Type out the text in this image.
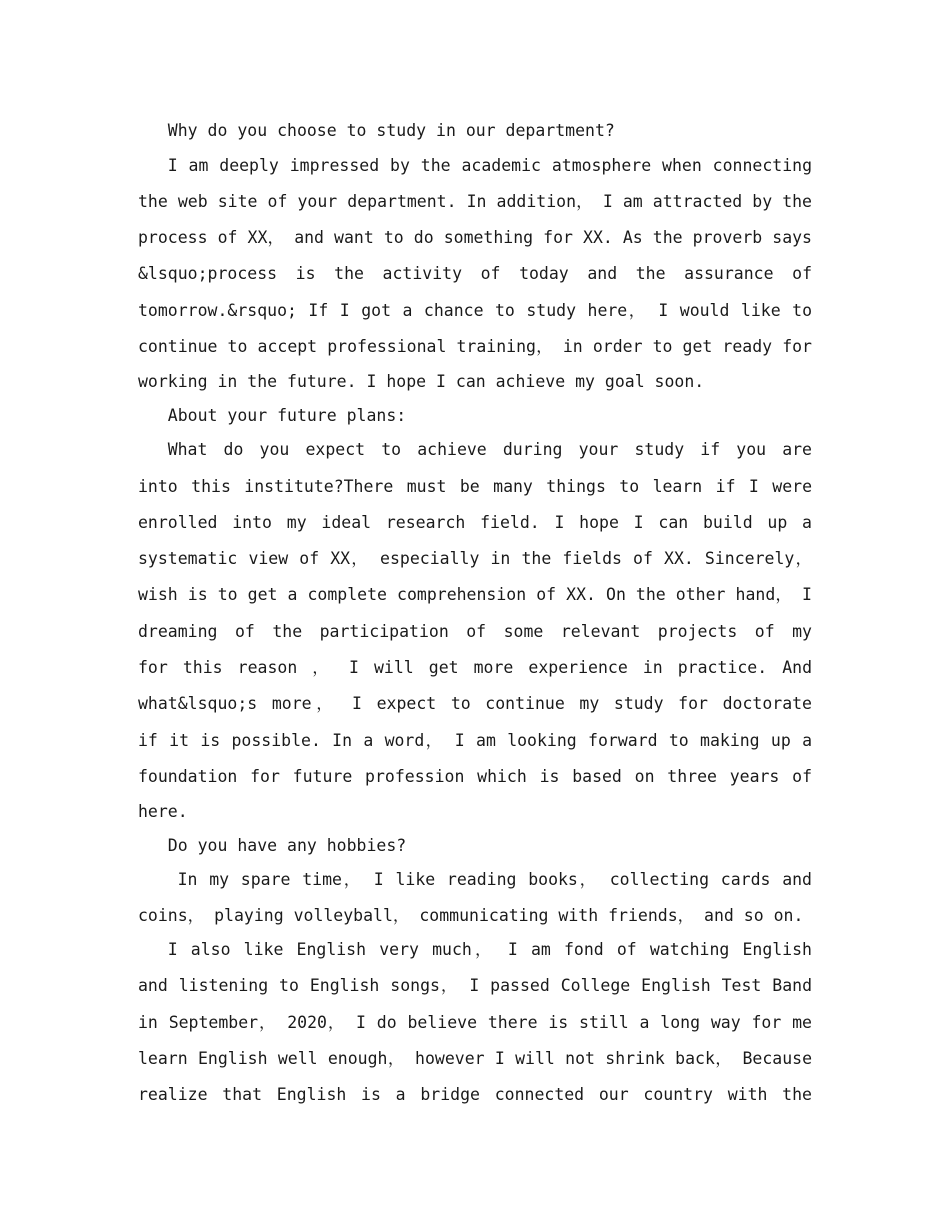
Why do you choose to study in our department?
I am deeply impressed by the academic atmosphere when connecting
the web site of your department. In addition， I am attracted by the
process of XX， and want to do something for XX. As the proverb says
&lsquo;process is the activity of today and the assurance of
tomorrow.&rsquo; If I got a chance to study here， I would like to
continue to accept professional training， in order to get ready for
working in the future. I hope I can achieve my goal soon.
About your future plans:
What do you expect to achieve during your study if you are
into this institute?There must be many things to learn if I were
enrolled into my ideal research field. I hope I can build up a
systematic view of XX， especially in the fields of XX. Sincerely，
wish is to get a complete comprehension of XX. On the other hand， I
dreaming of the participation of some relevant projects of my
for this reason ， I will get more experience in practice. And
what&lsquo;s more， I expect to continue my study for doctorate
if it is possible. In a word， I am looking forward to making up a
foundation for future profession which is based on three years of
here.
Do you have any hobbies?
In my spare time， I like reading books， collecting cards and
coins， playing volleyball， communicating with friends， and so on.
I also like English very much， I am fond of watching English
and listening to English songs， I passed College English Test Band
in September， 2020， I do believe there is still a long way for me
learn English well enough， however I will not shrink back， Because
realize that English is a bridge connected our country with the
